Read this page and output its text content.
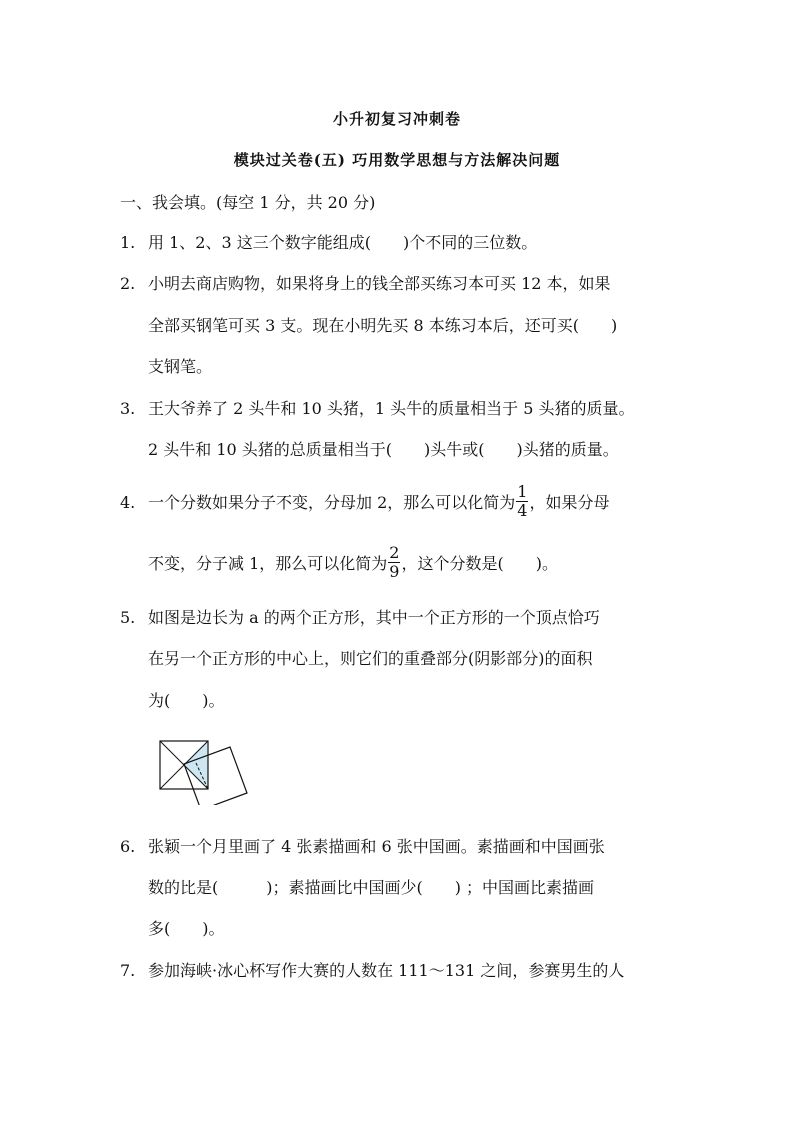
小升初复习冲刺卷
模块过关卷(五) 巧用数学思想与方法解决问题
一、我会填。(每空 1 分，共 20 分)
1. 用 1、2、3 这三个数字能组成(　　)个不同的三位数。
2. 小明去商店购物，如果将身上的钱全部买练习本可买 12 本，如果
全部买钢笔可买 3 支。现在小明先买 8 本练习本后，还可买(　　)
支钢笔。
3. 王大爷养了 2 头牛和 10 头猪，1 头牛的质量相当于 5 头猪的质量。
2 头牛和 10 头猪的总质量相当于(　　)头牛或(　　)头猪的质量。
4. 一个分数如果分子不变，分母加 2，那么可以化简为 $\frac{1}{4}$ ，如果分母
不变，分子减 1，那么可以化简为 $\frac{2}{9}$ ，这个分数是(　　)。
5. 如图是边长为 a 的两个正方形，其中一个正方形的一个顶点恰巧
在另一个正方形的中心上，则它们的重叠部分(阴影部分)的面积
为(　　)。
6. 张颖一个月里画了 4 张素描画和 6 张中国画。素描画和中国画张
数的比是(　　　)；素描画比中国画少(　　) ；中国画比素描画
多(　　)。
7. 参加海峡·冰心杯写作大赛的人数在 111～131 之间，参赛男生的人
